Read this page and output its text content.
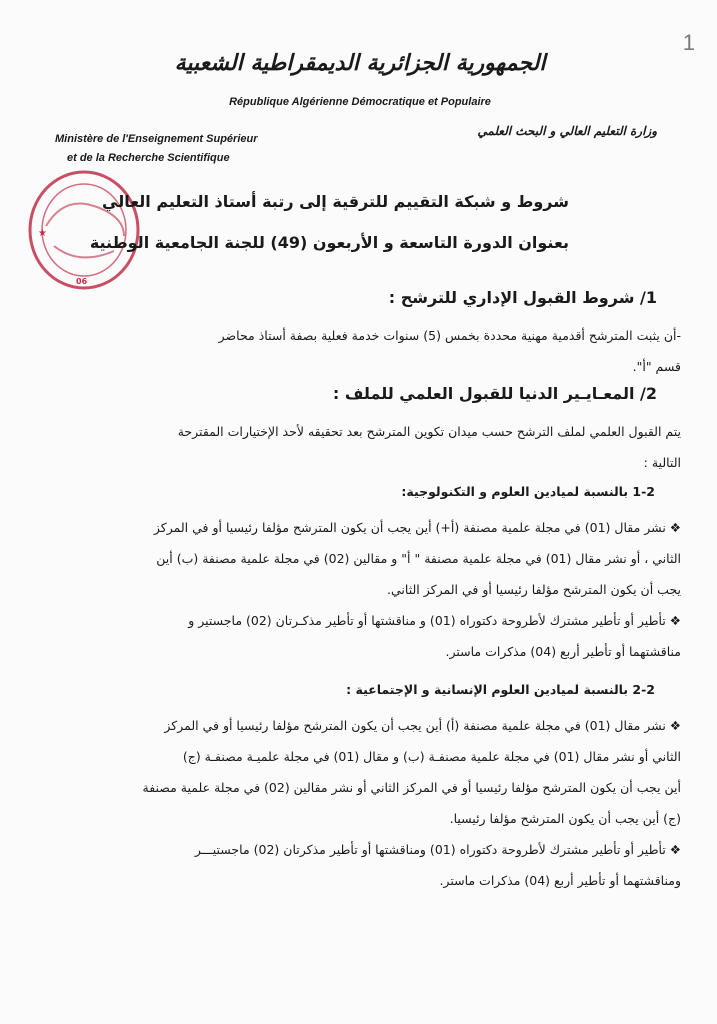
1
الجمهورية الجزائرية الديمقراطية الشعبية
République Algérienne Démocratique et Populaire
Ministère de l'Enseignement Supérieur
et de la Recherche Scientifique
وزارة التعليم العالي و البحث العلمي
★
06
شروط و شبكة التقييم للترقية إلى رتبة أستاذ التعليم العالي
بعنوان الدورة التاسعة و الأربعون (49) للجنة الجامعية الوطنية
1/ شروط القبول الإداري للترشح :
-أن يثبت المترشح أقدمية مهنية محددة بخمس (5) سنوات خدمة فعلية بصفة أستاذ محاضر
قسم "أ".
2/ المعـايـير الدنيا للقبول العلمي للملف :
يتم القبول العلمي لملف الترشح حسب ميدان تكوين المترشح بعد تحقيقه لأحد الإختيارات المقترحة
التالية :
1-2 بالنسبة لميادين العلوم و التكنولوجية:
❖ نشر مقال (01) في مجلة علمية مصنفة (أ+) أين يجب أن يكون المترشح مؤلفا رئيسيا أو في المركز
الثاني ، أو نشر مقال (01) في مجلة علمية مصنفة " أ" و مقالين (02) في مجلة علمية مصنفة (ب) أين
يجب أن يكون المترشح مؤلفا رئيسيا أو في المركز الثاني.
❖ تأطير أو تأطير مشترك لأطروحة دكتوراه (01) و مناقشتها أو تأطير مذكـرتان (02) ماجستير و
مناقشتهما أو تأطير أربع (04) مذكرات ماستر.
2-2 بالنسبة لميادين العلوم الإنسانية و الإجتماعية :
❖ نشر مقال (01) في مجلة علمية مصنفة (أ) أين يجب أن يكون المترشح مؤلفا رئيسيا أو في المركز
الثاني أو نشر مقال (01) في مجلة علمية مصنفـة (ب) و مقال (01) في مجلة علميـة مصنفـة (ج)
أين يجب أن يكون المترشح مؤلفا رئيسيا أو في المركز الثاني أو نشر مقالين (02) في مجلة علمية مصنفة
(ج) أين يجب أن يكون المترشح مؤلفا رئيسيا.
❖ تأطير أو تأطير مشترك لأطروحة دكتوراه (01) ومناقشتها أو تأطير مذكرتان (02) ماجستيـــر
ومناقشتهما أو تأطير أربع (04) مذكرات ماستر.
